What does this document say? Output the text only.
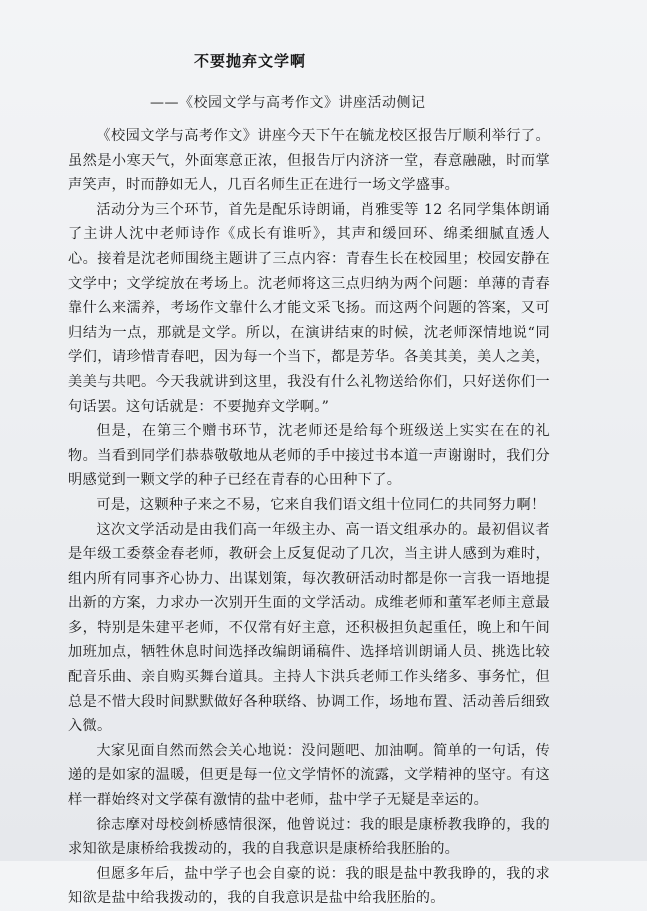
不要抛弃文学啊
——《校园文学与高考作文》讲座活动侧记

《校园文学与高考作文》讲座今天下午在毓龙校区报告厅顺利举行了。虽然是小寒天气，外面寒意正浓，但报告厅内济济一堂，春意融融，时而掌声笑声，时而静如无人，几百名师生正在进行一场文学盛事。

活动分为三个环节，首先是配乐诗朗诵，肖雅雯等 12 名同学集体朗诵了主讲人沈中老师诗作《成长有谁听》，其声和缓回环、绵柔细腻直透人心。接着是沈老师围绕主题讲了三点内容：青春生长在校园里；校园安静在文学中；文学绽放在考场上。沈老师将这三点归纳为两个问题：单薄的青春靠什么来濡养，考场作文靠什么才能文采飞扬。而这两个问题的答案，又可归结为一点，那就是文学。所以，在演讲结束的时候，沈老师深情地说“同学们，请珍惜青春吧，因为每一个当下，都是芳华。各美其美，美人之美，美美与共吧。今天我就讲到这里，我没有什么礼物送给你们，只好送你们一句话罢。这句话就是：不要抛弃文学啊。”

但是，在第三个赠书环节，沈老师还是给每个班级送上实实在在的礼物。当看到同学们恭恭敬敬地从老师的手中接过书本道一声谢谢时，我们分明感觉到一颗文学的种子已经在青春的心田种下了。

可是，这颗种子来之不易，它来自我们语文组十位同仁的共同努力啊！

这次文学活动是由我们高一年级主办、高一语文组承办的。最初倡议者是年级工委蔡金春老师，教研会上反复促动了几次，当主讲人感到为难时，组内所有同事齐心协力、出谋划策，每次教研活动时都是你一言我一语地提出新的方案，力求办一次别开生面的文学活动。成维老师和董军老师主意最多，特别是朱建平老师，不仅常有好主意，还积极担负起重任，晚上和午间加班加点，牺牲休息时间选择改编朗诵稿件、选择培训朗诵人员、挑选比较配音乐曲、亲自购买舞台道具。主持人卞洪兵老师工作头绪多、事务忙，但总是不惜大段时间默默做好各种联络、协调工作，场地布置、活动善后细致入微。

大家见面自然而然会关心地说：没问题吧、加油啊。简单的一句话，传递的是如家的温暖，但更是每一位文学情怀的流露，文学精神的坚守。有这样一群始终对文学葆有激情的盐中老师，盐中学子无疑是幸运的。

徐志摩对母校剑桥感情很深，他曾说过：我的眼是康桥教我睁的，我的求知欲是康桥给我拨动的，我的自我意识是康桥给我胚胎的。

但愿多年后，盐中学子也会自豪的说：我的眼是盐中教我睁的，我的求知欲是盐中给我拨动的，我的自我意识是盐中给我胚胎的。
